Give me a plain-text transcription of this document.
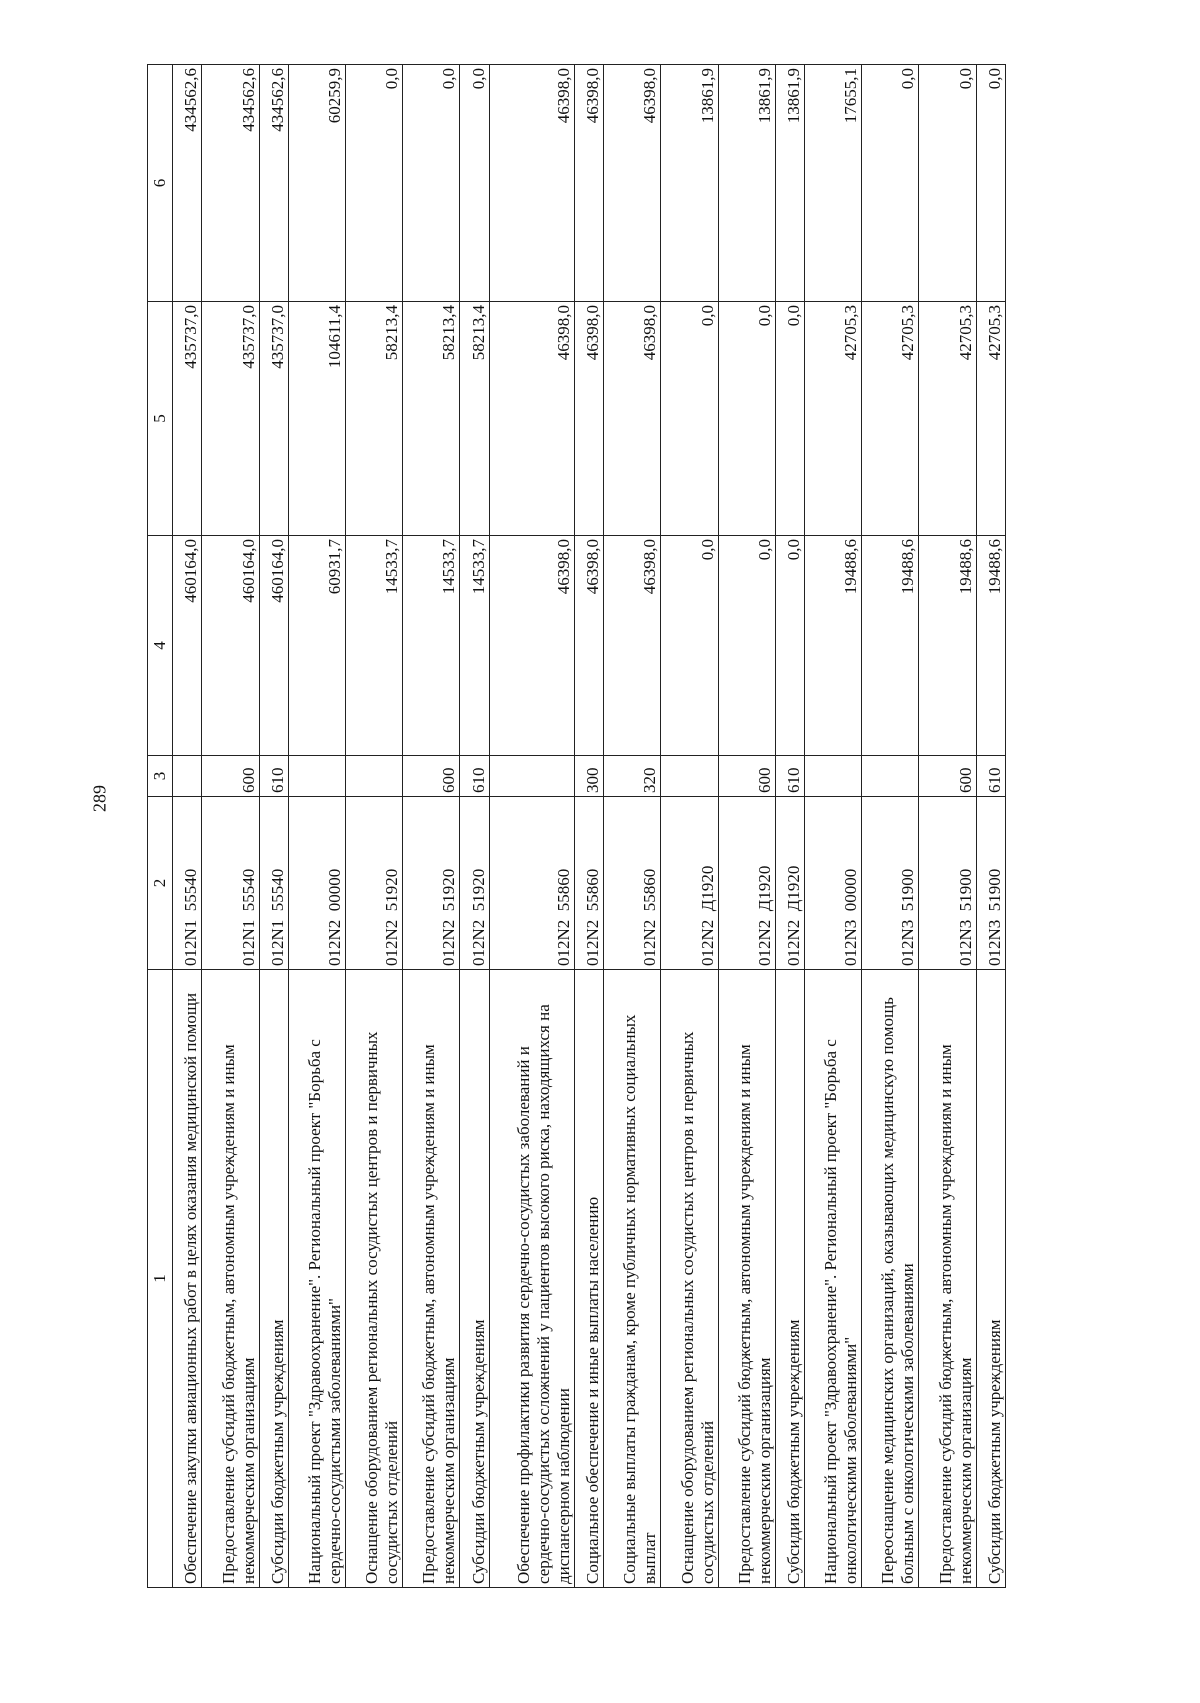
289
1	2	3	4	5	6
Обеспечение закупки авиационных работ в целях оказания медицинской помощи	012N1  55540		460164,0	435737,0	434562,6
Предоставление субсидий бюджетным, автономным учреждениям и иным некоммерческим организациям	012N1  55540	600	460164,0	435737,0	434562,6
Субсидии бюджетным учреждениям	012N1  55540	610	460164,0	435737,0	434562,6
Национальный проект "Здравоохранение". Региональный проект "Борьба с сердечно-сосудистыми заболеваниями"	012N2  00000		60931,7	104611,4	60259,9
Оснащение оборудованием региональных сосудистых центров и первичных сосудистых отделений	012N2  51920		14533,7	58213,4	0,0
Предоставление субсидий бюджетным, автономным учреждениям и иным некоммерческим организациям	012N2  51920	600	14533,7	58213,4	0,0
Субсидии бюджетным учреждениям	012N2  51920	610	14533,7	58213,4	0,0
Обеспечение профилактики развития сердечно-сосудистых заболеваний и сердечно-сосудистых осложнений у пациентов высокого риска, находящихся на диспансерном наблюдении	012N2  55860		46398,0	46398,0	46398,0
Социальное обеспечение и иные выплаты населению	012N2  55860	300	46398,0	46398,0	46398,0
Социальные выплаты гражданам, кроме публичных нормативных социальных выплат	012N2  55860	320	46398,0	46398,0	46398,0
Оснащение оборудованием региональных сосудистых центров и первичных сосудистых отделений	012N2  Д1920		0,0	0,0	13861,9
Предоставление субсидий бюджетным, автономным учреждениям и иным некоммерческим организациям	012N2  Д1920	600	0,0	0,0	13861,9
Субсидии бюджетным учреждениям	012N2  Д1920	610	0,0	0,0	13861,9
Национальный проект "Здравоохранение". Региональный проект "Борьба с онкологическими заболеваниями"	012N3  00000		19488,6	42705,3	17655,1
Переоснащение медицинских организаций, оказывающих медицинскую помощь больным с онкологическими заболеваниями	012N3  51900		19488,6	42705,3	0,0
Предоставление субсидий бюджетным, автономным учреждениям и иным некоммерческим организациям	012N3  51900	600	19488,6	42705,3	0,0
Субсидии бюджетным учреждениям	012N3  51900	610	19488,6	42705,3	0,0
